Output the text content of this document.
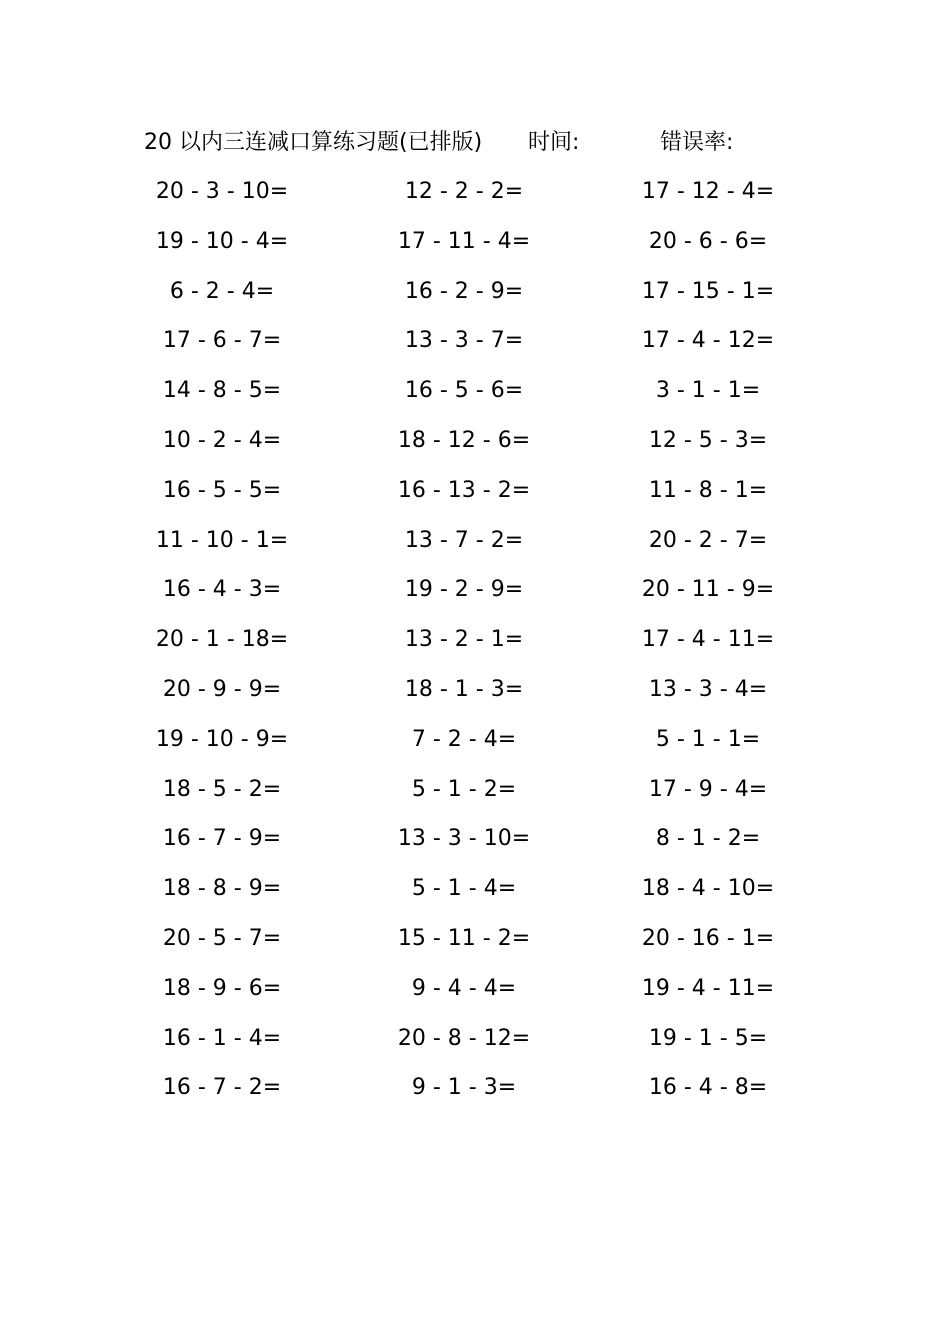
20 以内三连减口算练习题(已排版) 时间:	错误率:
20 - 3 - 10=	12 - 2 - 2=	17 - 12 - 4=
19 - 10 - 4=	17 - 11 - 4=	20 - 6 - 6=
6 - 2 - 4=	16 - 2 - 9=	17 - 15 - 1=
17 - 6 - 7=	13 - 3 - 7=	17 - 4 - 12=
14 - 8 - 5=	16 - 5 - 6=	3 - 1 - 1=
10 - 2 - 4=	18 - 12 - 6=	12 - 5 - 3=
16 - 5 - 5=	16 - 13 - 2=	11 - 8 - 1=
11 - 10 - 1=	13 - 7 - 2=	20 - 2 - 7=
16 - 4 - 3=	19 - 2 - 9=	20 - 11 - 9=
20 - 1 - 18=	13 - 2 - 1=	17 - 4 - 11=
20 - 9 - 9=	18 - 1 - 3=	13 - 3 - 4=
19 - 10 - 9=	7 - 2 - 4=	5 - 1 - 1=
18 - 5 - 2=	5 - 1 - 2=	17 - 9 - 4=
16 - 7 - 9=	13 - 3 - 10=	8 - 1 - 2=
18 - 8 - 9=	5 - 1 - 4=	18 - 4 - 10=
20 - 5 - 7=	15 - 11 - 2=	20 - 16 - 1=
18 - 9 - 6=	9 - 4 - 4=	19 - 4 - 11=
16 - 1 - 4=	20 - 8 - 12=	19 - 1 - 5=
16 - 7 - 2=	9 - 1 - 3=	16 - 4 - 8=
